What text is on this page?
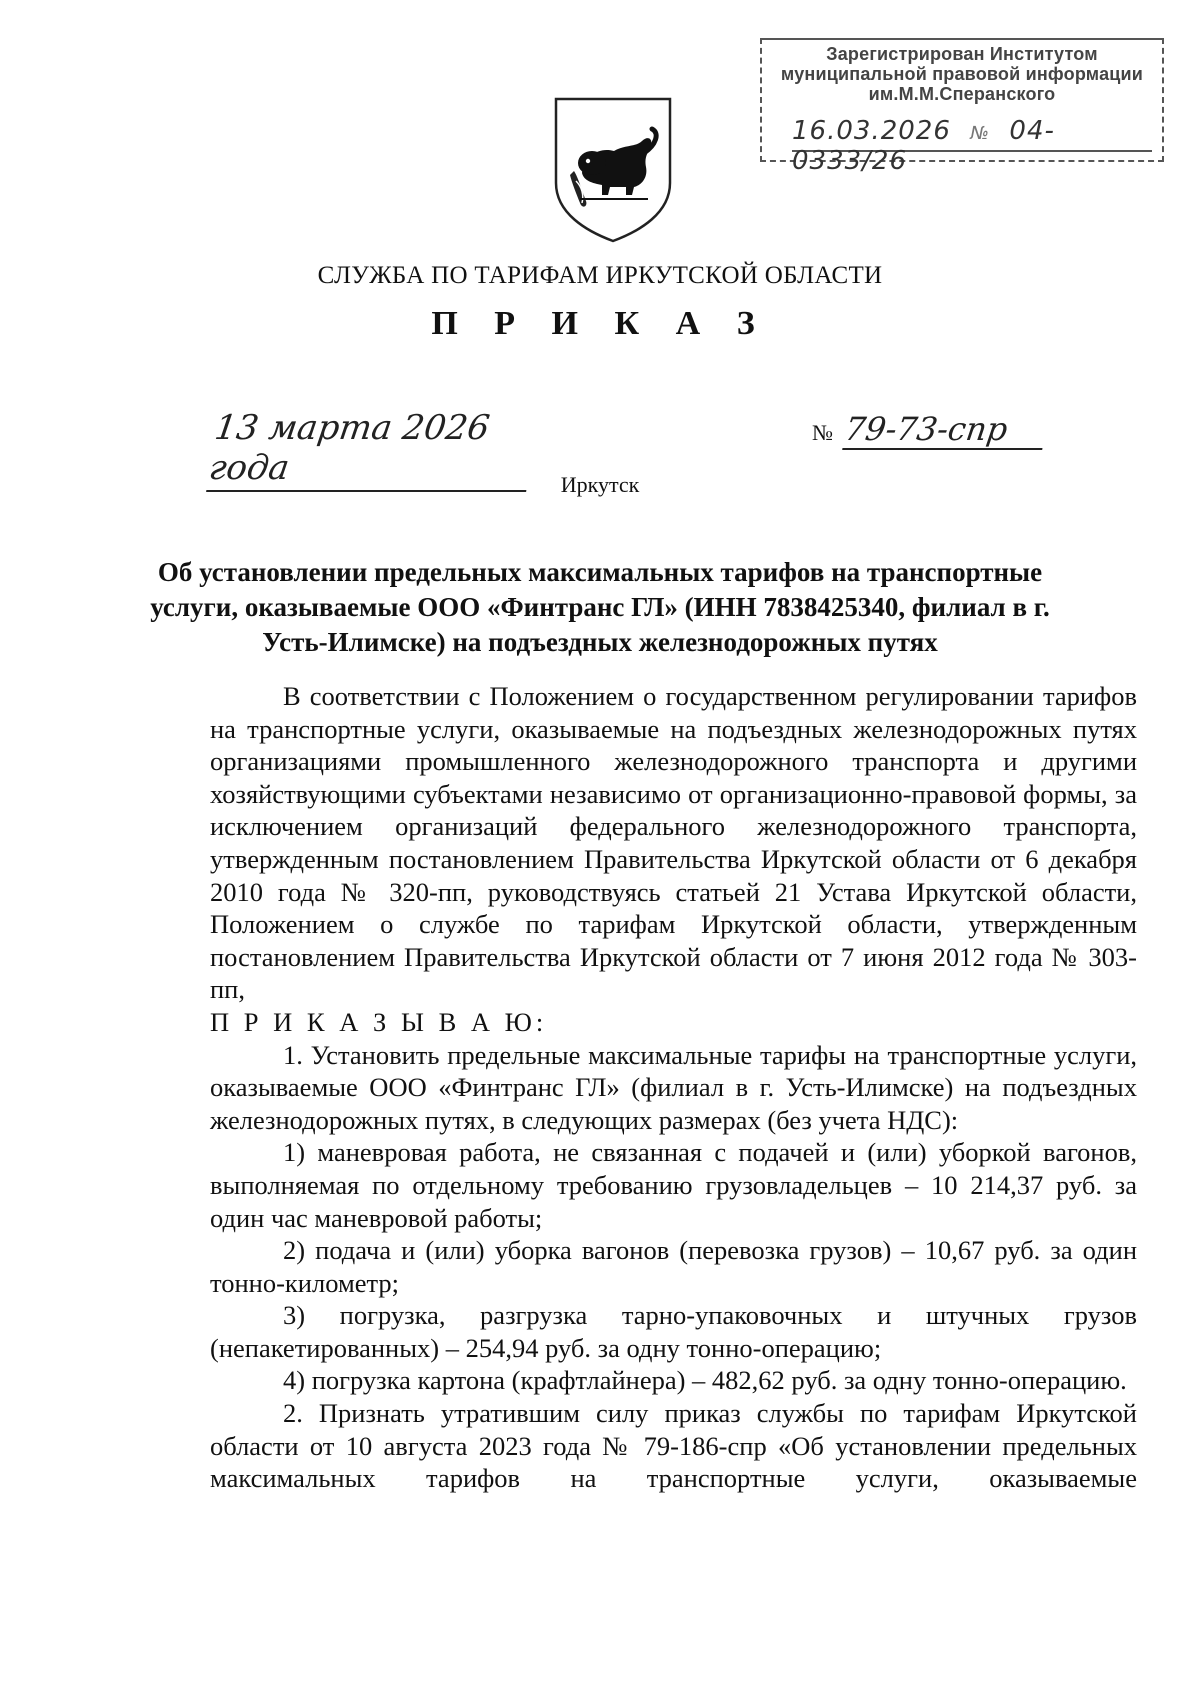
Зарегистрирован Институтом
муниципальной правовой информации
им.М.М.Сперанского
16.03.2026 № 04-0333/26
СЛУЖБА ПО ТАРИФАМ ИРКУТСКОЙ ОБЛАСТИ
П Р И К А З
13 марта 2026 года
№ 79-73-спр
Иркутск
Об установлении предельных максимальных тарифов на транспортные услуги, оказываемые ООО «Финтранс ГЛ» (ИНН 7838425340, филиал в г. Усть-Илимске) на подъездных железнодорожных путях

В соответствии с Положением о государственном регулировании тарифов на транспортные услуги, оказываемые на подъездных железнодорожных путях организациями промышленного железнодорожного транспорта и другими хозяйствующими субъектами независимо от организационно-правовой формы, за исключением организаций федерального железнодорожного транспорта, утвержденным постановлением Правительства Иркутской области от 6 декабря 2010 года № 320-пп, руководствуясь статьей 21 Устава Иркутской области, Положением о службе по тарифам Иркутской области, утвержденным постановлением Правительства Иркутской области от 7 июня 2012 года № 303-пп,

П Р И К А З Ы В А Ю:

1. Установить предельные максимальные тарифы на транспортные услуги, оказываемые ООО «Финтранс ГЛ» (филиал в г. Усть-Илимске) на подъездных железнодорожных путях, в следующих размерах (без учета НДС):

1) маневровая работа, не связанная с подачей и (или) уборкой вагонов, выполняемая по отдельному требованию грузовладельцев – 10 214,37 руб. за один час маневровой работы;

2) подача и (или) уборка вагонов (перевозка грузов) – 10,67 руб. за один тонно-километр;

3) погрузка, разгрузка тарно-упаковочных и штучных грузов (непакетированных) – 254,94 руб. за одну тонно-операцию;

4) погрузка картона (крафтлайнера) – 482,62 руб. за одну тонно-операцию.

2. Признать утратившим силу приказ службы по тарифам Иркутской области от 10 августа 2023 года № 79-186-спр «Об установлении предельных максимальных тарифов на транспортные услуги, оказываемые
